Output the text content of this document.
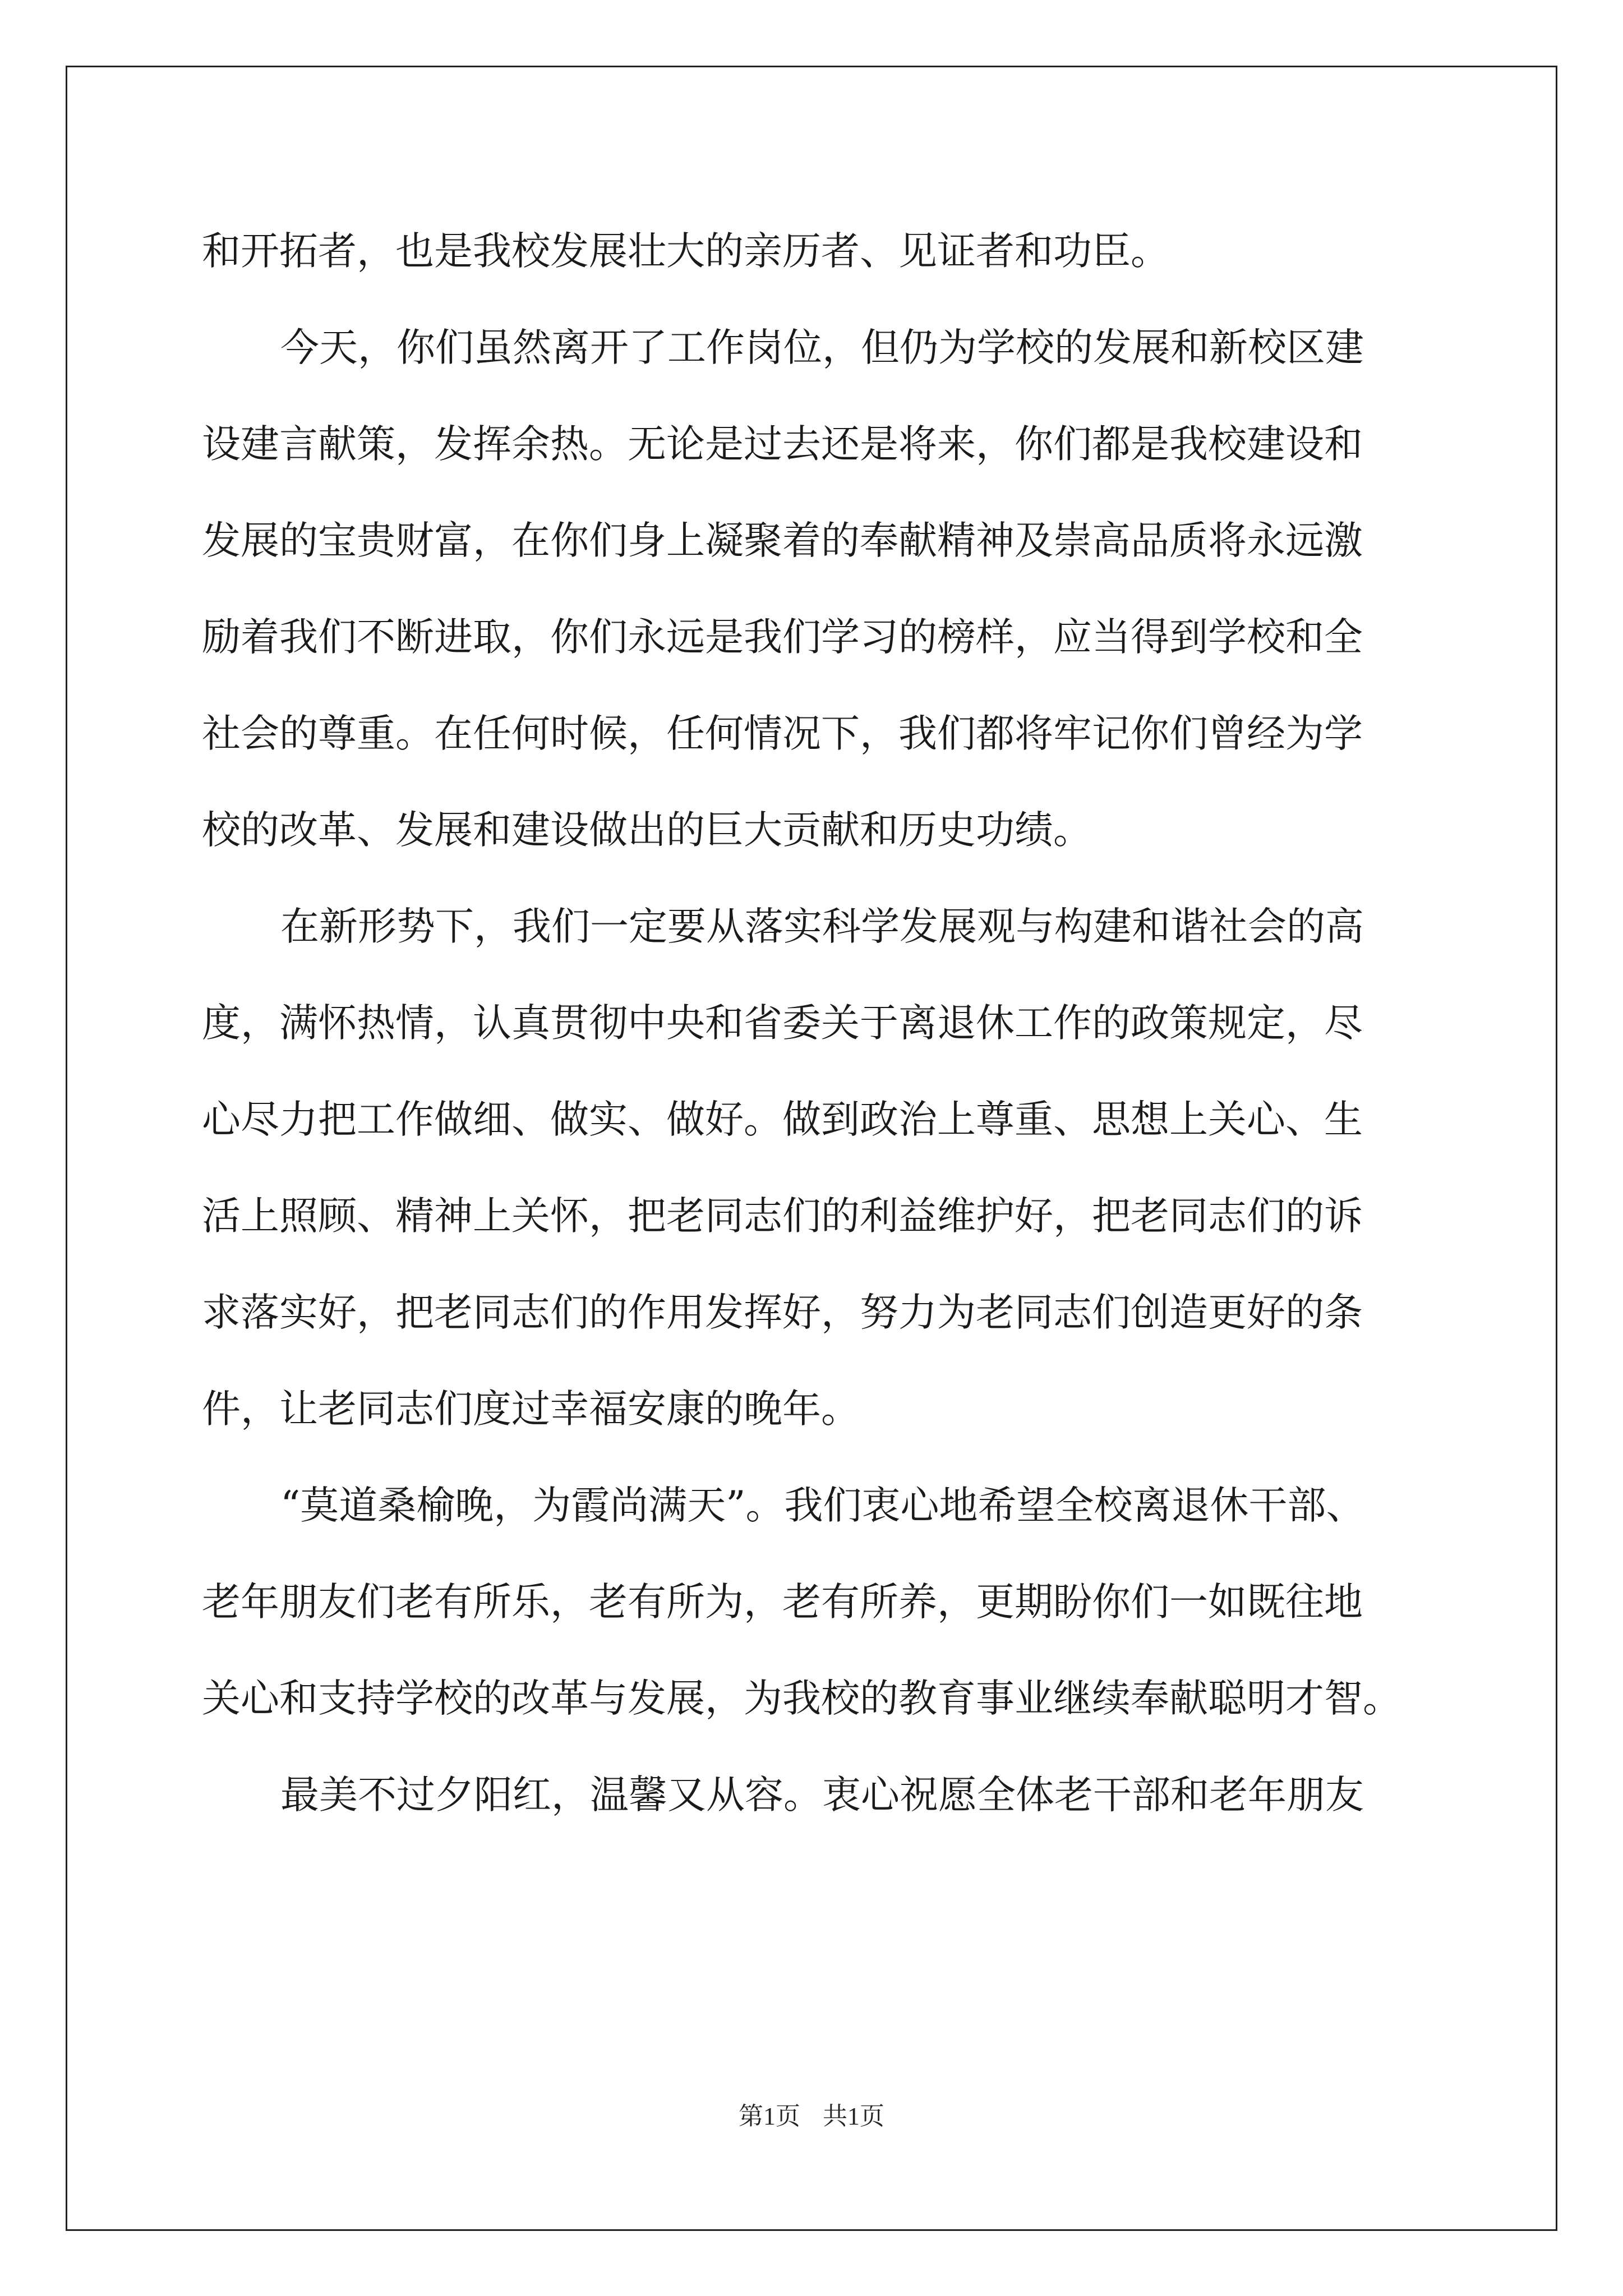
和开拓者，也是我校发展壮大的亲历者、见证者和功臣。
今天，你们虽然离开了工作岗位，但仍为学校的发展和新校区建
设建言献策，发挥余热。无论是过去还是将来，你们都是我校建设和
发展的宝贵财富，在你们身上凝聚着的奉献精神及崇高品质将永远激
励着我们不断进取，你们永远是我们学习的榜样，应当得到学校和全
社会的尊重。在任何时候，任何情况下，我们都将牢记你们曾经为学
校的改革、发展和建设做出的巨大贡献和历史功绩。
在新形势下，我们一定要从落实科学发展观与构建和谐社会的高
度，满怀热情，认真贯彻中央和省委关于离退休工作的政策规定，尽
心尽力把工作做细、做实、做好。做到政治上尊重、思想上关心、生
活上照顾、精神上关怀，把老同志们的利益维护好，把老同志们的诉
求落实好，把老同志们的作用发挥好，努力为老同志们创造更好的条
件，让老同志们度过幸福安康的晚年。
“莫道桑榆晚，为霞尚满天”。我们衷心地希望全校离退休干部、
老年朋友们老有所乐，老有所为，老有所养，更期盼你们一如既往地
关心和支持学校的改革与发展，为我校的教育事业继续奉献聪明才智。
最美不过夕阳红，温馨又从容。衷心祝愿全体老干部和老年朋友
第1页 共1页
